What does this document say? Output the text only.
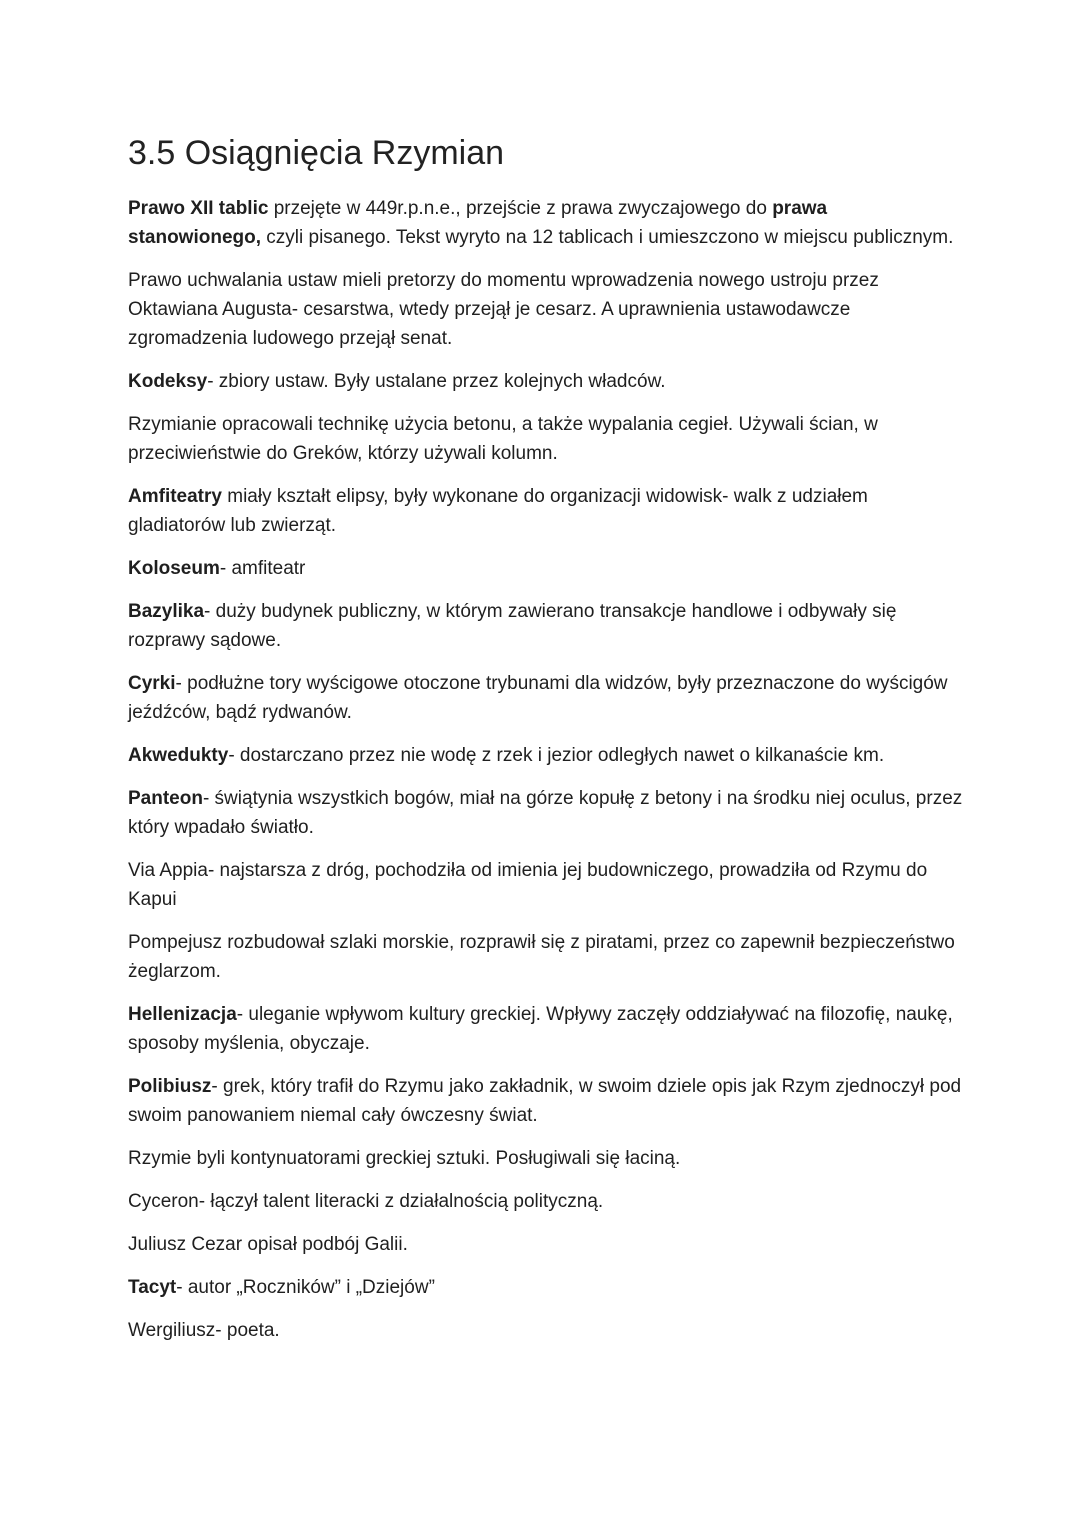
3.5 Osiągnięcia Rzymian

Prawo XII tablic przejęte w 449r.p.n.e., przejście z prawa zwyczajowego do prawa stanowionego, czyli pisanego. Tekst wyryto na 12 tablicach i umieszczono w miejscu publicznym.

Prawo uchwalania ustaw mieli pretorzy do momentu wprowadzenia nowego ustroju przez Oktawiana Augusta- cesarstwa, wtedy przejął je cesarz. A uprawnienia ustawodawcze zgromadzenia ludowego przejął senat.

Kodeksy- zbiory ustaw. Były ustalane przez kolejnych władców.

Rzymianie opracowali technikę użycia betonu, a także wypalania cegieł. Używali ścian, w przeciwieństwie do Greków, którzy używali kolumn.

Amfiteatry miały kształt elipsy, były wykonane do organizacji widowisk- walk z udziałem gladiatorów lub zwierząt.

Koloseum- amfiteatr

Bazylika- duży budynek publiczny, w którym zawierano transakcje handlowe i odbywały się rozprawy sądowe.

Cyrki- podłużne tory wyścigowe otoczone trybunami dla widzów, były przeznaczone do wyścigów jeźdźców, bądź rydwanów.

Akwedukty- dostarczano przez nie wodę z rzek i jezior odległych nawet o kilkanaście km.

Panteon- świątynia wszystkich bogów, miał na górze kopułę z betony i na środku niej oculus, przez który wpadało światło.

Via Appia- najstarsza z dróg, pochodziła od imienia jej budowniczego, prowadziła od Rzymu do Kapui

Pompejusz rozbudował szlaki morskie, rozprawił się z piratami, przez co zapewnił bezpieczeństwo żeglarzom.

Hellenizacja- uleganie wpływom kultury greckiej. Wpływy zaczęły oddziaływać na filozofię, naukę, sposoby myślenia, obyczaje.

Polibiusz- grek, który trafił do Rzymu jako zakładnik, w swoim dziele opis jak Rzym zjednoczył pod swoim panowaniem niemal cały ówczesny świat.

Rzymie byli kontynuatorami greckiej sztuki. Posługiwali się łaciną.

Cyceron- łączył talent literacki z działalnością polityczną.

Juliusz Cezar opisał podbój Galii.

Tacyt- autor „Roczników” i „Dziejów”

Wergiliusz- poeta.
